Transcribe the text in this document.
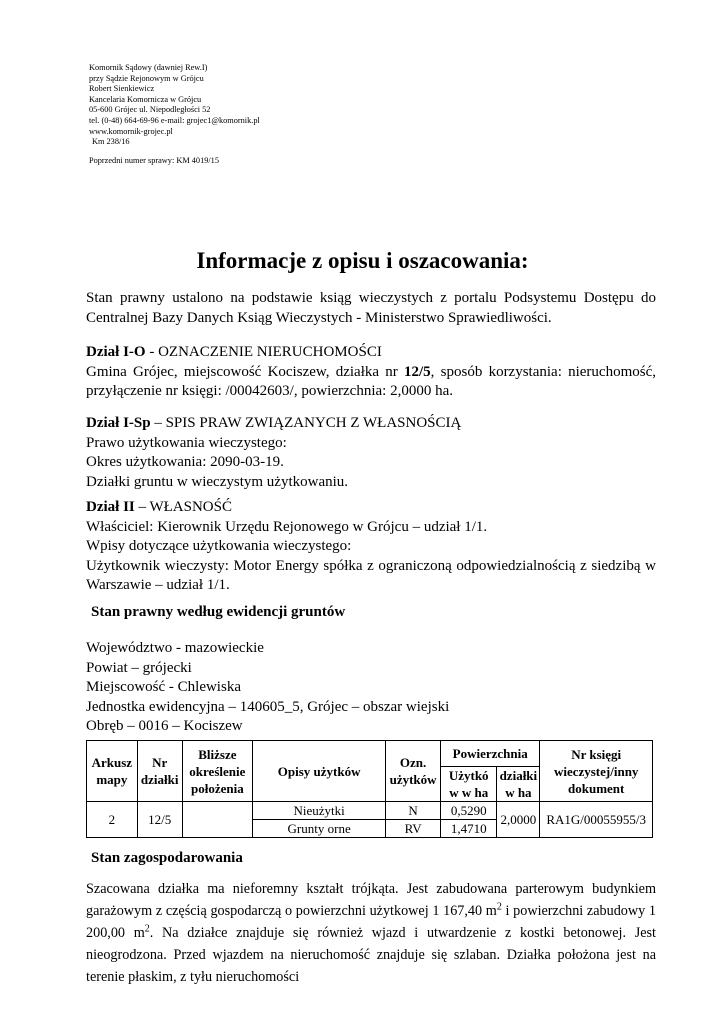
Komornik Sądowy (dawniej Rew.I)
przy Sądzie Rejonowym w Grójcu
Robert Sienkiewicz
Kancelaria Komornicza w Grójcu
05-600 Grójec ul. Niepodległości 52
tel. (0-48) 664-69-96 e-mail: grojec1@komornik.pl
www.komornik-grojec.pl
Km 238/16
Poprzedni numer sprawy: KM 4019/15
Informacje z opisu i oszacowania:
Stan prawny ustalono na podstawie ksiąg wieczystych z portalu Podsystemu Dostępu do Centralnej Bazy Danych Ksiąg Wieczystych - Ministerstwo Sprawiedliwości.
Dział I-O - OZNACZENIE NIERUCHOMOŚCI
Gmina Grójec, miejscowość Kociszew, działka nr 12/5, sposób korzystania: nieruchomość, przyłączenie nr księgi: /00042603/, powierzchnia: 2,0000 ha.
Dział I-Sp – SPIS PRAW ZWIĄZANYCH Z WŁASNOŚCIĄ
Prawo użytkowania wieczystego:
Okres użytkowania: 2090-03-19.
Działki gruntu w wieczystym użytkowaniu.
Dział II – WŁASNOŚĆ
Właściciel: Kierownik Urzędu Rejonowego w Grójcu – udział 1/1.
Wpisy dotyczące użytkowania wieczystego:
Użytkownik wieczysty: Motor Energy spółka z ograniczoną odpowiedzialnością z siedzibą w Warszawie – udział 1/1.
Stan prawny według ewidencji gruntów
Województwo - mazowieckie
Powiat – grójecki
Miejscowość - Chlewiska
Jednostka ewidencyjna – 140605_5, Grójec – obszar wiejski
Obręb – 0016 – Kociszew
Arkusz mapy	Nr działki	Bliższe określenie położenia	Opisy użytków	Ozn. użytków	Powierzchnia		Nr księgi wieczystej/inny dokument
					Użytkó w w ha	działki w ha	
2	12/5		Nieużytki	N	0,5290	2,0000	RA1G/00055955/3
			Grunty orne	RV	1,4710		
Stan zagospodarowania
Szacowana działka ma nieforemny kształt trójkąta. Jest zabudowana parterowym budynkiem garażowym z częścią gospodarczą o powierzchni użytkowej 1 167,40 $m^2$ i powierzchni zabudowy 1 200,00 $m^2$. Na działce znajduje się również wjazd i utwardzenie z kostki betonowej. Jest nieogrodzona. Przed wjazdem na nieruchomość znajduje się szlaban. Działka położona jest na terenie płaskim, z tyłu nieruchomości
